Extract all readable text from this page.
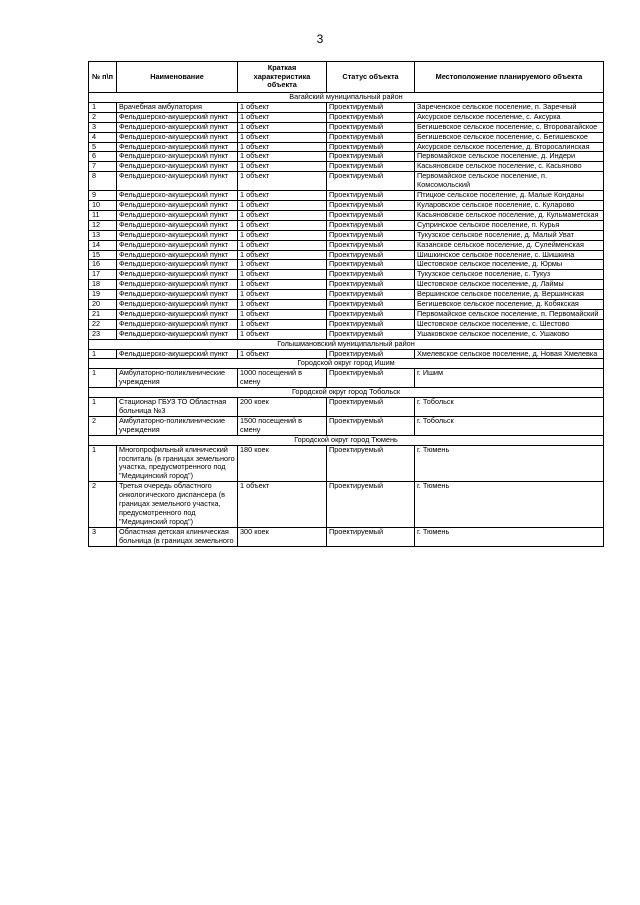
3
№ п\п	Наименование	Краткая характеристика объекта	Статус объекта	Местоположение планируемого объекта
Вагайский муниципальный район				
1	Врачебная амбулатория	1 объект	Проектируемый	Зареченское сельское поселение, п. Заречный
2	Фельдшерско-акушерский пункт	1 объект	Проектируемый	Аксурское сельское поселение, с. Аксурка
3	Фельдшерско-акушерский пункт	1 объект	Проектируемый	Бегишевское сельское поселение, с. Второвагайское
4	Фельдшерско-акушерский пункт	1 объект	Проектируемый	Бегишевское сельское поселение, с. Бегишевское
5	Фельдшерско-акушерский пункт	1 объект	Проектируемый	Аксурское сельское поселение, д. Второсалинская
6	Фельдшерско-акушерский пункт	1 объект	Проектируемый	Первомайское сельское поселение, д. Индери
7	Фельдшерско-акушерский пункт	1 объект	Проектируемый	Касьяновское сельское поселение, с. Касьяново
8	Фельдшерско-акушерский пункт	1 объект	Проектируемый	Первомайское сельское поселение, п. Комсомольский
9	Фельдшерско-акушерский пункт	1 объект	Проектируемый	Птицкое сельское поселение, д. Малые Конданы
10	Фельдшерско-акушерский пункт	1 объект	Проектируемый	Куларовское сельское поселение, с. Куларово
11	Фельдшерско-акушерский пункт	1 объект	Проектируемый	Касьяновское сельское поселение, д. Кульмаметская
12	Фельдшерско-акушерский пункт	1 объект	Проектируемый	Супринское сельское поселение, п. Курья
13	Фельдшерско-акушерский пункт	1 объект	Проектируемый	Тукузское сельское поселение, д. Малый Уват
14	Фельдшерско-акушерский пункт	1 объект	Проектируемый	Казанское сельское поселение, д. Сулейменская
15	Фельдшерско-акушерский пункт	1 объект	Проектируемый	Шишкинское сельское поселение, с. Шишкина
16	Фельдшерско-акушерский пункт	1 объект	Проектируемый	Шестовское сельское поселение, д. Юрмы
17	Фельдшерско-акушерский пункт	1 объект	Проектируемый	Тукузское сельское поселение, с. Тукуз
18	Фельдшерско-акушерский пункт	1 объект	Проектируемый	Шестовское сельское поселение, д. Лаймы
19	Фельдшерско-акушерский пункт	1 объект	Проектируемый	Вершинское сельское поселение, д. Вершинская
20	Фельдшерско-акушерский пункт	1 объект	Проектируемый	Бегишевское сельское поселение, д. Кобякская
21	Фельдшерско-акушерский пункт	1 объект	Проектируемый	Первомайское сельское поселение, п. Первомайский
22	Фельдшерско-акушерский пункт	1 объект	Проектируемый	Шестовское сельское поселение, с. Шестово
23	Фельдшерско-акушерский пункт	1 объект	Проектируемый	Ушаковское сельское поселение, с. Ушаково
Голышмановский муниципальный район				
1	Фельдшерско-акушерский пункт	1 объект	Проектируемый	Хмелевское сельское поселение, д. Новая Хмелевка
Городской округ город Ишим				
1	Амбулаторно-поликлинические учреждения	1000 посещений в смену	Проектируемый	г. Ишим
Городской округ город Тобольск				
1	Стационар ГБУЗ ТО Областная больница №3	200 коек	Проектируемый	г. Тобольск
2	Амбулаторно-поликлинические учреждения	1500 посещений в смену	Проектируемый	г. Тобольск
Городской округ город Тюмень				
1	Многопрофильный клинический госпиталь (в границах земельного участка, предусмотренного под "Медицинский город")	180 коек	Проектируемый	г. Тюмень
2	Третья очередь областного онкологического диспансера (в границах земельного участка, предусмотренного под "Медицинский город")	1 объект	Проектируемый	г. Тюмень
3	Областная детская клиническая больница (в границах земельного	300 коек	Проектируемый	г. Тюмень
